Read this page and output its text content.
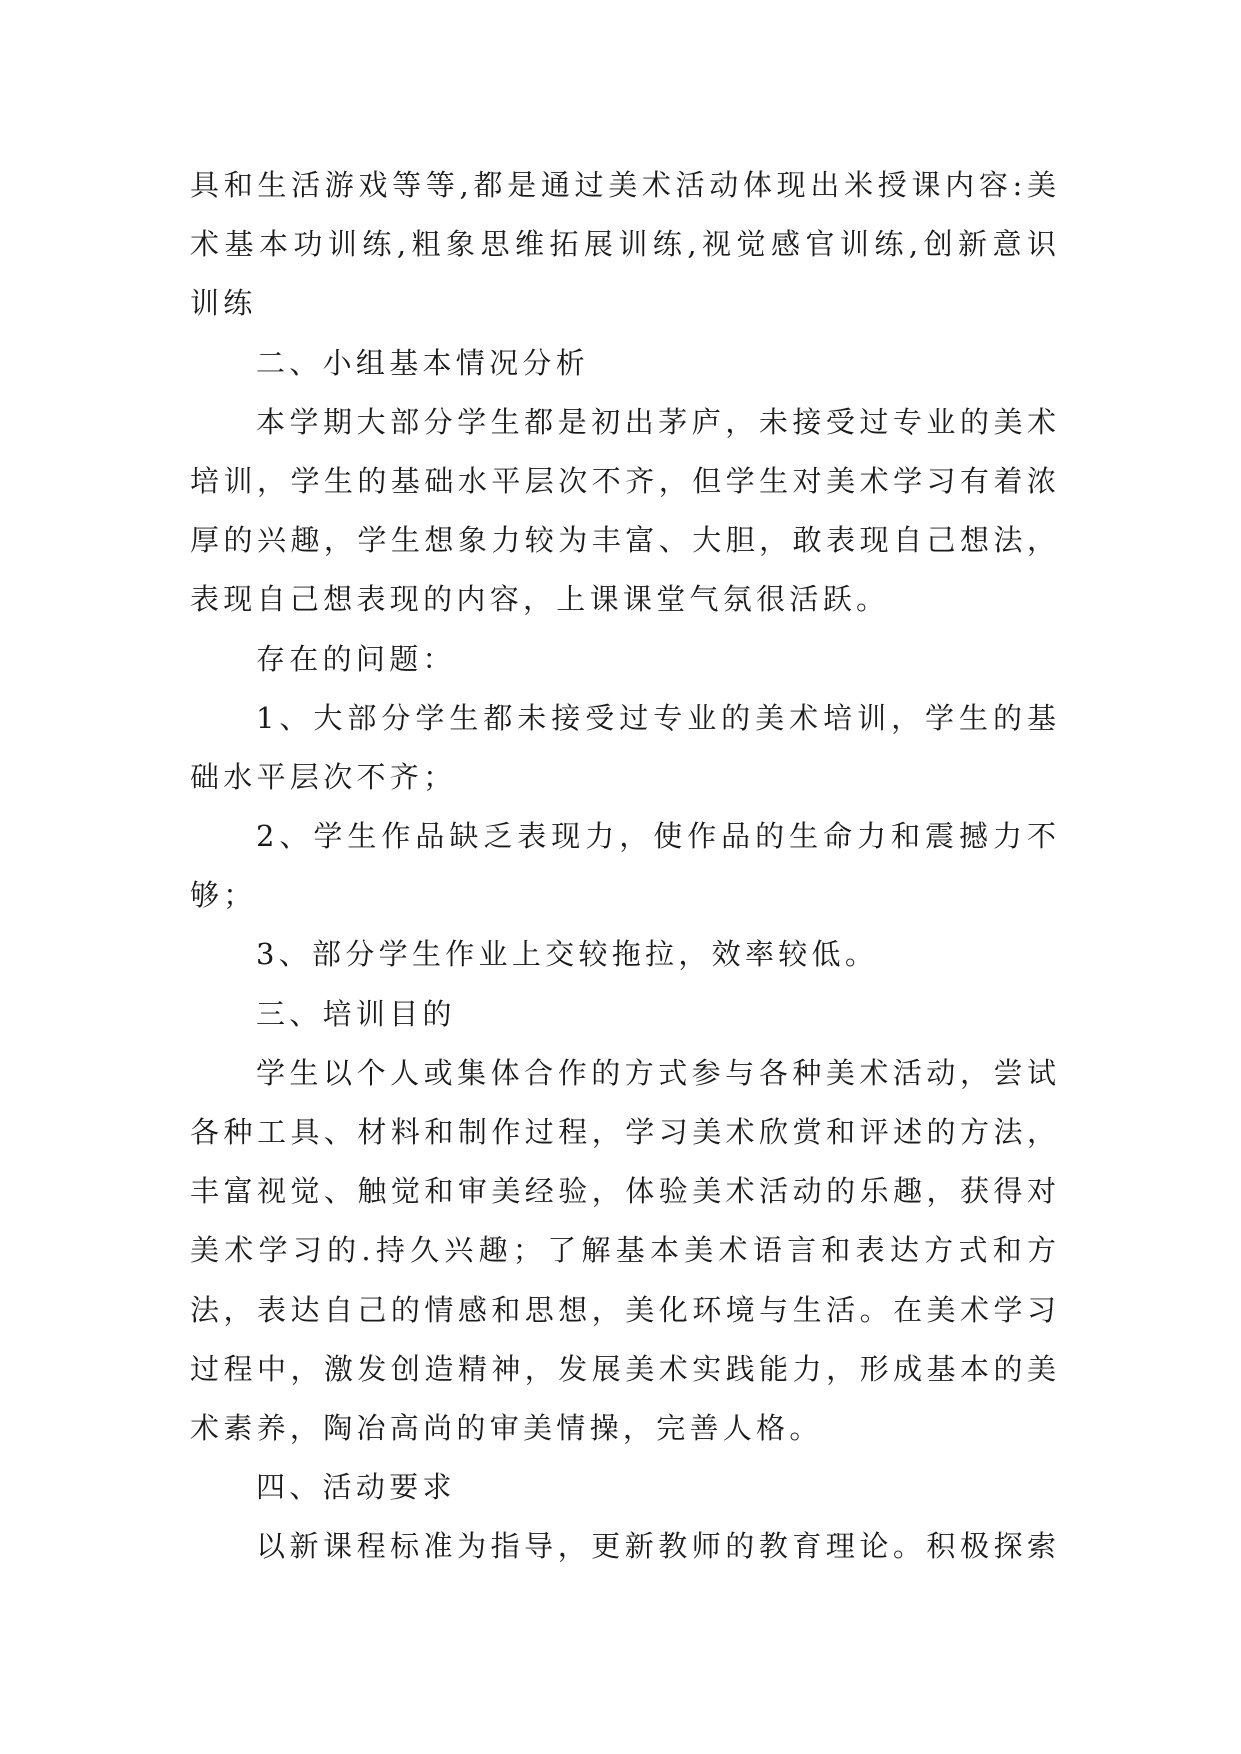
具和生活游戏等等,都是通过美术活动体现出米授课内容:美
术基本功训练,粗象思维拓展训练,视觉感官训练,创新意识
训练
二、小组基本情况分析
本学期大部分学生都是初出茅庐，未接受过专业的美术
培训，学生的基础水平层次不齐，但学生对美术学习有着浓
厚的兴趣，学生想象力较为丰富、大胆，敢表现自己想法，
表现自己想表现的内容，上课课堂气氛很活跃。
存在的问题：
1、大部分学生都未接受过专业的美术培训，学生的基
础水平层次不齐；
2、学生作品缺乏表现力，使作品的生命力和震撼力不
够；
3、部分学生作业上交较拖拉，效率较低。
三、培训目的
学生以个人或集体合作的方式参与各种美术活动，尝试
各种工具、材料和制作过程，学习美术欣赏和评述的方法，
丰富视觉、触觉和审美经验，体验美术活动的乐趣，获得对
美术学习的.持久兴趣；了解基本美术语言和表达方式和方
法，表达自己的情感和思想，美化环境与生活。在美术学习
过程中，激发创造精神，发展美术实践能力，形成基本的美
术素养，陶冶高尚的审美情操，完善人格。
四、活动要求
以新课程标准为指导，更新教师的教育理论。积极探索
